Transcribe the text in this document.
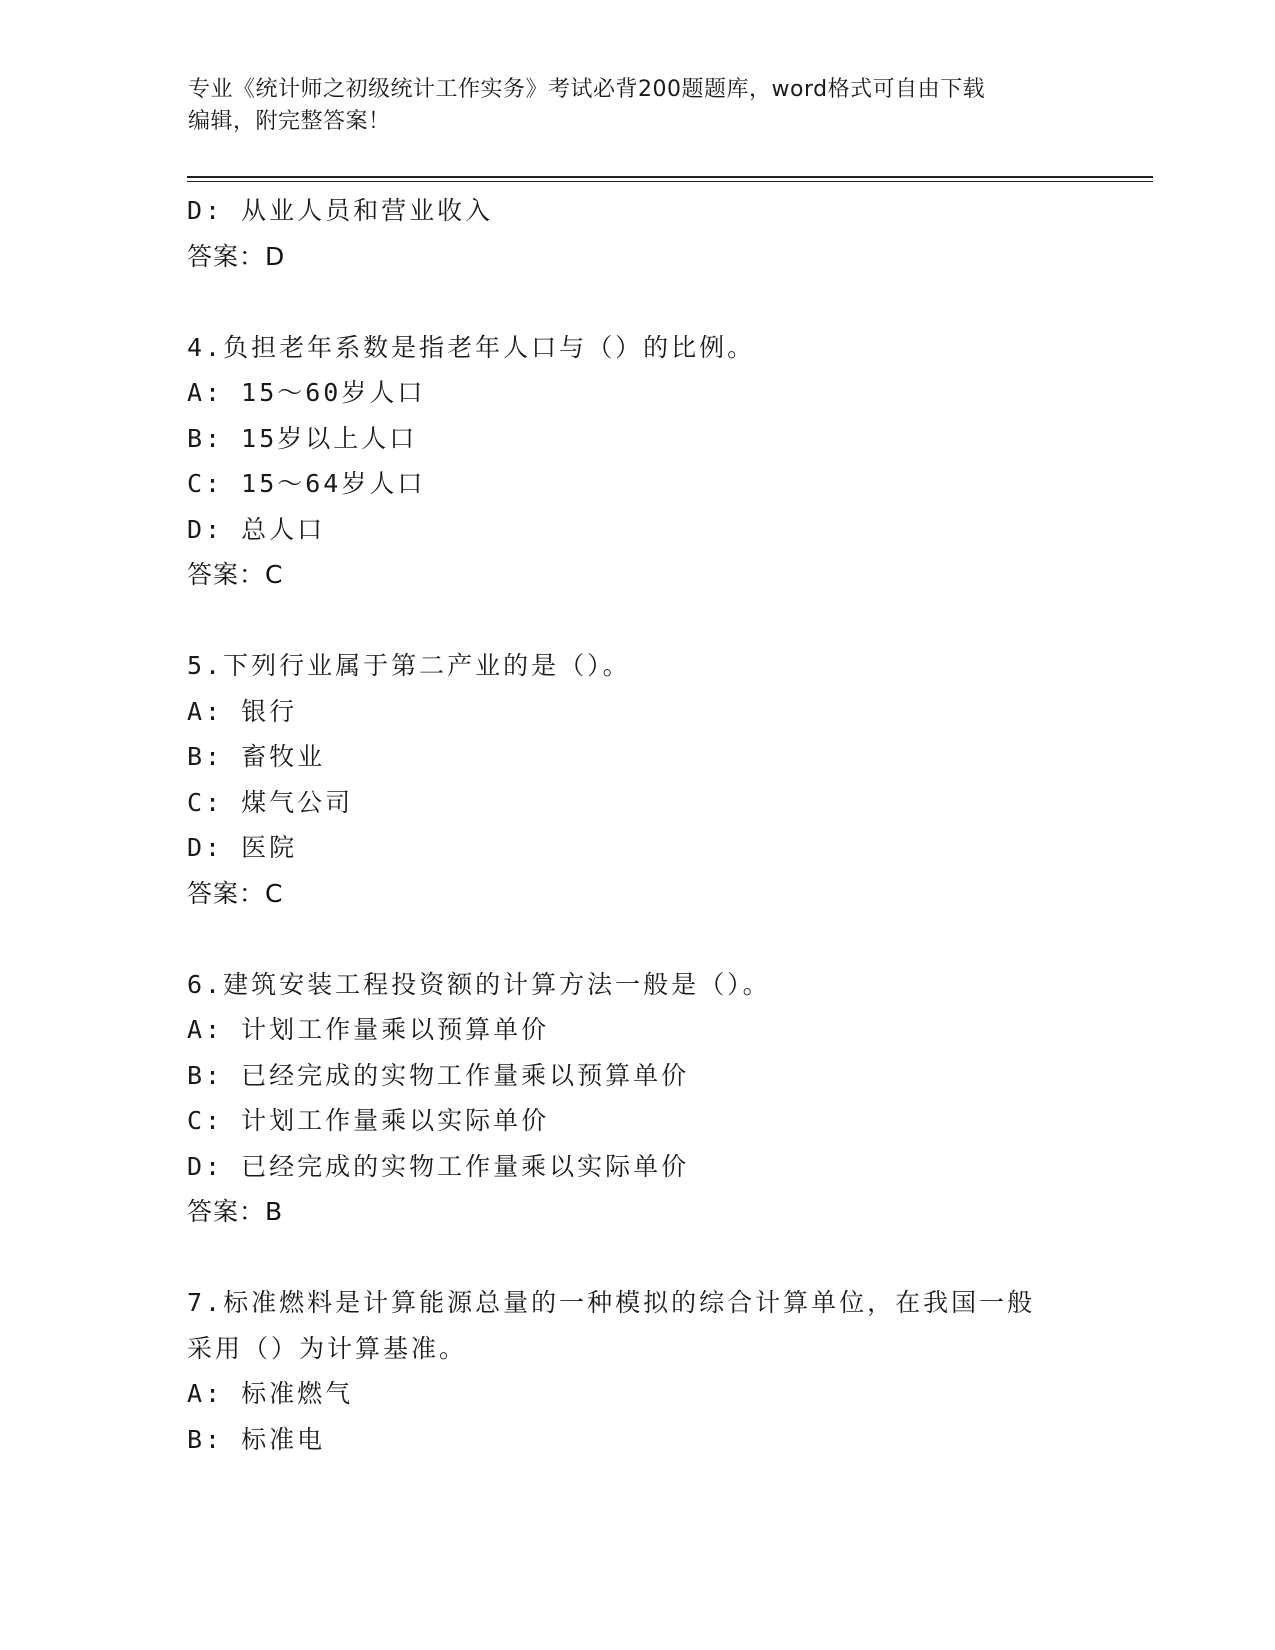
专业《统计师之初级统计工作实务》考试必背200题题库，word格式可自由下载
编辑，附完整答案！
D: 从业人员和营业收入
答案：D
4.负担老年系数是指老年人口与（）的比例。
A: 15～60岁人口
B: 15岁以上人口
C: 15～64岁人口
D: 总人口
答案：C
5.下列行业属于第二产业的是（）。
A: 银行
B: 畜牧业
C: 煤气公司
D: 医院
答案：C
6.建筑安装工程投资额的计算方法一般是（）。
A: 计划工作量乘以预算单价
B: 已经完成的实物工作量乘以预算单价
C: 计划工作量乘以实际单价
D: 已经完成的实物工作量乘以实际单价
答案：B
7.标准燃料是计算能源总量的一种模拟的综合计算单位，在我国一般
采用（）为计算基准。
A: 标准燃气
B: 标准电
